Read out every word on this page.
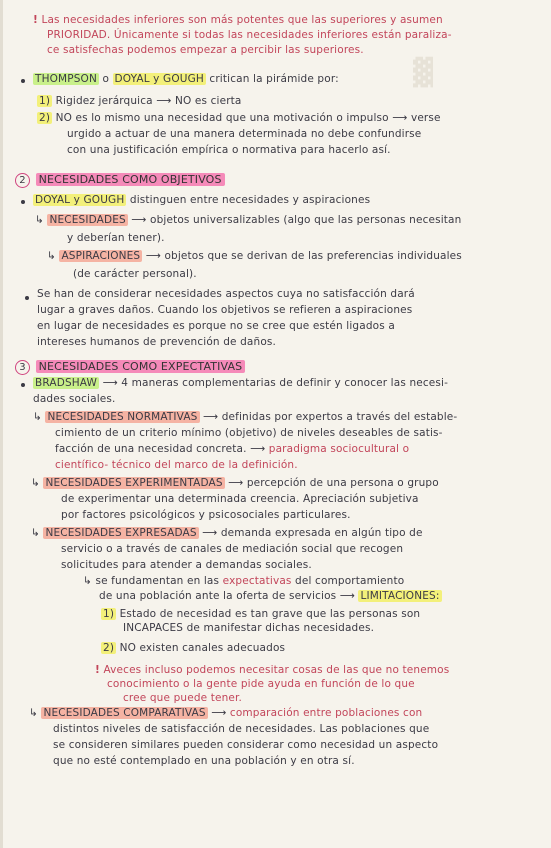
▓
! Las necesidades inferiores son más potentes que las superiores y asumen
PRIORIDAD. Únicamente si todas las necesidades inferiores están paraliza-
ce satisfechas podemos empezar a percibir las superiores.
THOMPSON o DOYAL y GOUGH critican la pirámide por:
1) Rigidez jerárquica ⟶ NO es cierta
2) NO es lo mismo una necesidad que una motivación o impulso ⟶ verse
urgido a actuar de una manera determinada no debe confundirse
con una justificación empírica o normativa para hacerlo así.
2 NECESIDADES COMO OBJETIVOS
DOYAL y GOUGH distinguen entre necesidades y aspiraciones
↳ NECESIDADES ⟶ objetos universalizables (algo que las personas necesitan
y deberían tener).
↳ ASPIRACIONES ⟶ objetos que se derivan de las preferencias individuales
(de carácter personal).
Se han de considerar necesidades aspectos cuya no satisfacción dará
lugar a graves daños. Cuando los objetivos se refieren a aspiraciones
en lugar de necesidades es porque no se cree que estén ligados a
intereses humanos de prevención de daños.
3 NECESIDADES COMO EXPECTATIVAS
BRADSHAW ⟶ 4 maneras complementarias de definir y conocer las necesi-
dades sociales.
↳ NECESIDADES NORMATIVAS ⟶ definidas por expertos a través del estable-
cimiento de un criterio mínimo (objetivo) de niveles deseables de satis-
facción de una necesidad concreta. ⟶ paradigma sociocultural o
científico- técnico del marco de la definición.
↳ NECESIDADES EXPERIMENTADAS ⟶ percepción de una persona o grupo
de experimentar una determinada creencia. Apreciación subjetiva
por factores psicológicos y psicosociales particulares.
↳ NECESIDADES EXPRESADAS ⟶ demanda expresada en algún tipo de
servicio o a través de canales de mediación social que recogen
solicitudes para atender a demandas sociales.
↳ se fundamentan en las expectativas del comportamiento
de una población ante la oferta de servicios ⟶ LIMITACIONES:
1) Estado de necesidad es tan grave que las personas son
INCAPACES de manifestar dichas necesidades.
2) NO existen canales adecuados
! Aveces incluso podemos necesitar cosas de las que no tenemos
conocimiento o la gente pide ayuda en función de lo que
cree que puede tener.
↳ NECESIDADES COMPARATIVAS ⟶ comparación entre poblaciones con
distintos niveles de satisfacción de necesidades. Las poblaciones que
se consideren similares pueden considerar como necesidad un aspecto
que no esté contemplado en una población y en otra sí.
